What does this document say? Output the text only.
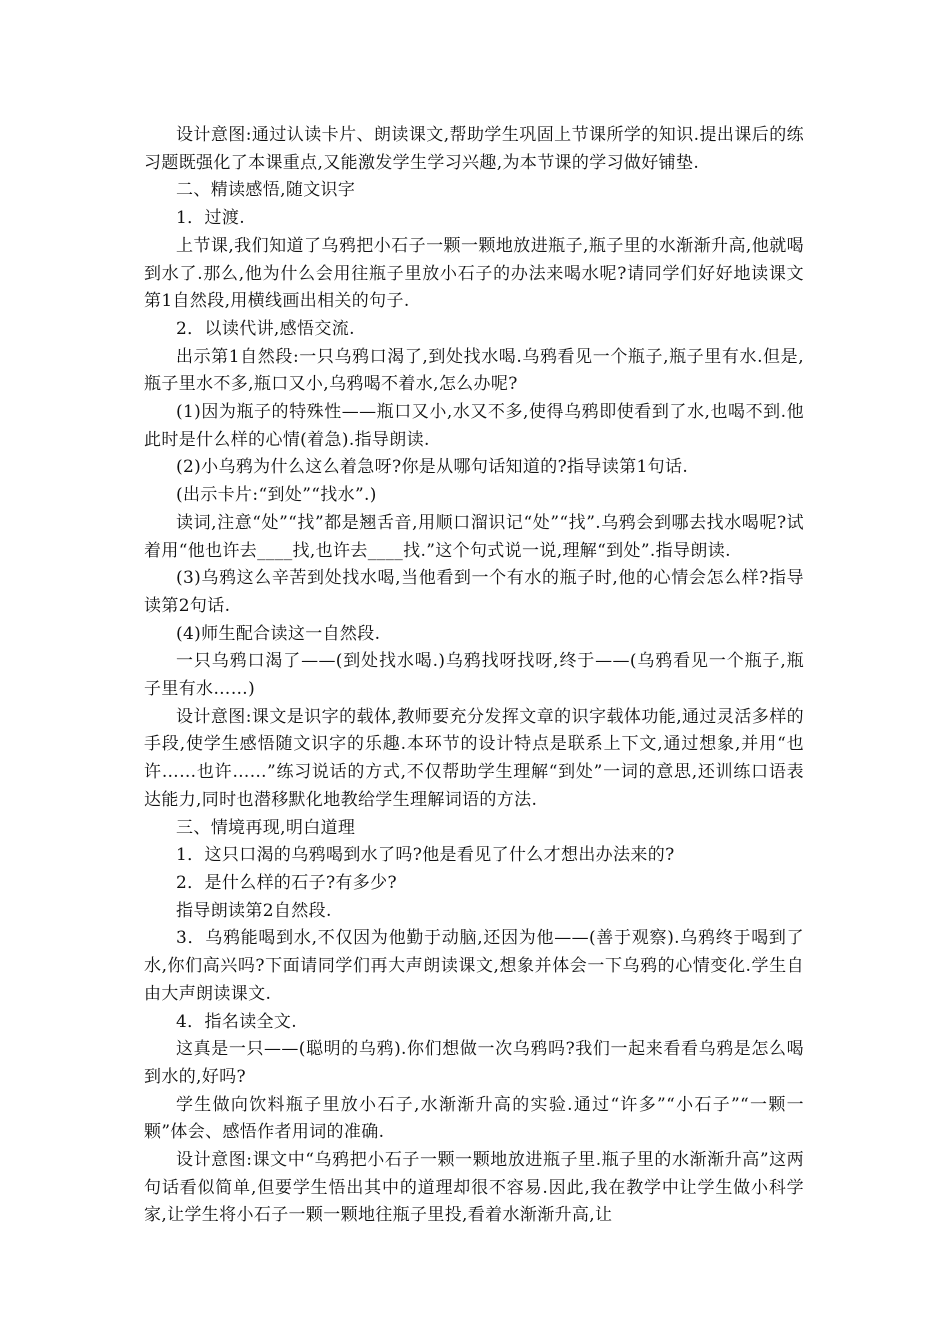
设计意图:通过认读卡片、朗读课文,帮助学生巩固上节课所学的知识.提出课后的练习题既强化了本课重点,又能激发学生学习兴趣,为本节课的学习做好铺垫.

二、精读感悟,随文识字

1．过渡.

上节课,我们知道了乌鸦把小石子一颗一颗地放进瓶子,瓶子里的水渐渐升高,他就喝到水了.那么,他为什么会用往瓶子里放小石子的办法来喝水呢?请同学们好好地读课文第1自然段,用横线画出相关的句子.

2．以读代讲,感悟交流.

出示第1自然段:一只乌鸦口渴了,到处找水喝.乌鸦看见一个瓶子,瓶子里有水.但是,瓶子里水不多,瓶口又小,乌鸦喝不着水,怎么办呢?

(1)因为瓶子的特殊性——瓶口又小,水又不多,使得乌鸦即使看到了水,也喝不到.他此时是什么样的心情(着急).指导朗读.

(2)小乌鸦为什么这么着急呀?你是从哪句话知道的?指导读第1句话.

(出示卡片:“到处”“找水”.)

读词,注意“处”“找”都是翘舌音,用顺口溜识记“处”“找”.乌鸦会到哪去找水喝呢?试着用“他也许去____找,也许去____找.”这个句式说一说,理解“到处”.指导朗读.

(3)乌鸦这么辛苦到处找水喝,当他看到一个有水的瓶子时,他的心情会怎么样?指导读第2句话.

(4)师生配合读这一自然段.

一只乌鸦口渴了——(到处找水喝.)乌鸦找呀找呀,终于——(乌鸦看见一个瓶子,瓶子里有水……)

设计意图:课文是识字的载体,教师要充分发挥文章的识字载体功能,通过灵活多样的手段,使学生感悟随文识字的乐趣.本环节的设计特点是联系上下文,通过想象,并用“也许……也许……”练习说话的方式,不仅帮助学生理解“到处”一词的意思,还训练口语表达能力,同时也潜移默化地教给学生理解词语的方法.

三、情境再现,明白道理

1．这只口渴的乌鸦喝到水了吗?他是看见了什么才想出办法来的?

2．是什么样的石子?有多少?

指导朗读第2自然段.

3．乌鸦能喝到水,不仅因为他勤于动脑,还因为他——(善于观察).乌鸦终于喝到了水,你们高兴吗?下面请同学们再大声朗读课文,想象并体会一下乌鸦的心情变化.学生自由大声朗读课文.

4．指名读全文.

这真是一只——(聪明的乌鸦).你们想做一次乌鸦吗?我们一起来看看乌鸦是怎么喝到水的,好吗?

学生做向饮料瓶子里放小石子,水渐渐升高的实验.通过“许多”“小石子”“一颗一颗”体会、感悟作者用词的准确.

设计意图:课文中“乌鸦把小石子一颗一颗地放进瓶子里.瓶子里的水渐渐升高”这两句话看似简单,但要学生悟出其中的道理却很不容易.因此,我在教学中让学生做小科学家,让学生将小石子一颗一颗地往瓶子里投,看着水渐渐升高,让
